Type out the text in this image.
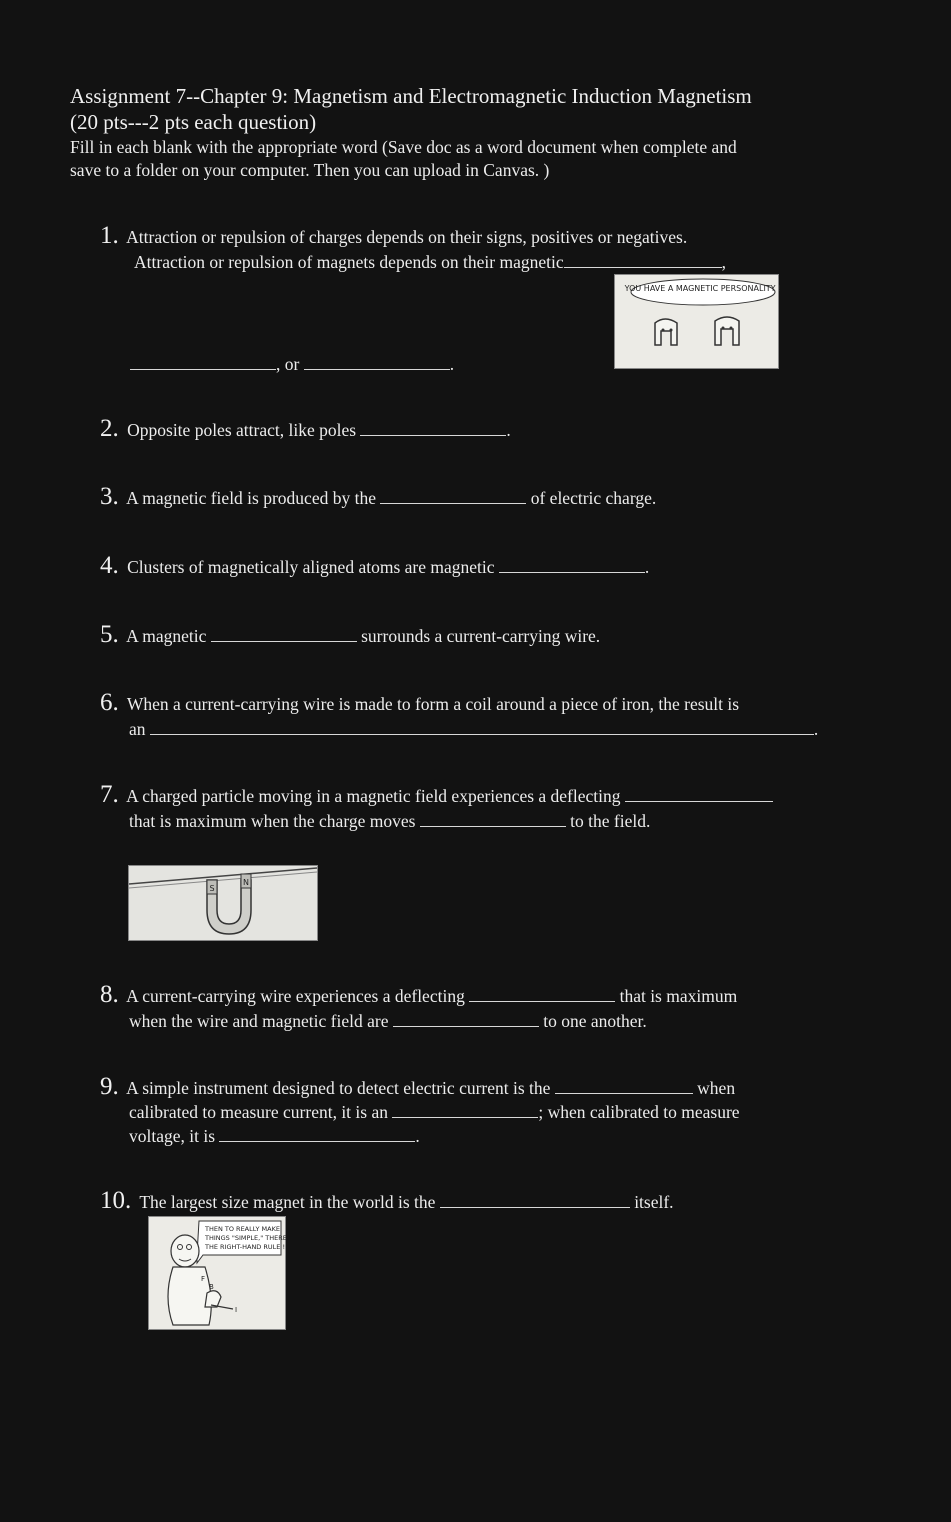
Assignment 7--Chapter 9: Magnetism and Electromagnetic Induction Magnetism
(20 pts---2 pts each question)
Fill in each blank with the appropriate word (Save doc as a word document when complete and
save to a folder on your computer. Then you can upload in Canvas. )
1. Attraction or repulsion of charges depends on their signs, positives or negatives.
Attraction or repulsion of magnets depends on their magnetic	,
, or	.
YOU HAVE A MAGNETIC PERSONALITY !
2. Opposite poles attract, like poles	.
3. A magnetic field is produced by the	of electric charge.
4. Clusters of magnetically aligned atoms are magnetic	.
5. A magnetic	surrounds a current-carrying wire.
6. When a current-carrying wire is made to form a coil around a piece of iron, the result is
an	.
7. A charged particle moving in a magnetic field experiences a deflecting
that is maximum when the charge moves	to the field.
S
N
8. A current-carrying wire experiences a deflecting	that is maximum
when the wire and magnetic field are	to one another.
9. A simple instrument designed to detect electric current is the	when
calibrated to measure current, it is an	; when calibrated to measure
voltage, it is	.
10. The largest size magnet in the world is the	itself.
THEN TO REALLY MAKE
THINGS "SIMPLE," THERE'S
THE RIGHT-HAND RULE !
B
F
I
